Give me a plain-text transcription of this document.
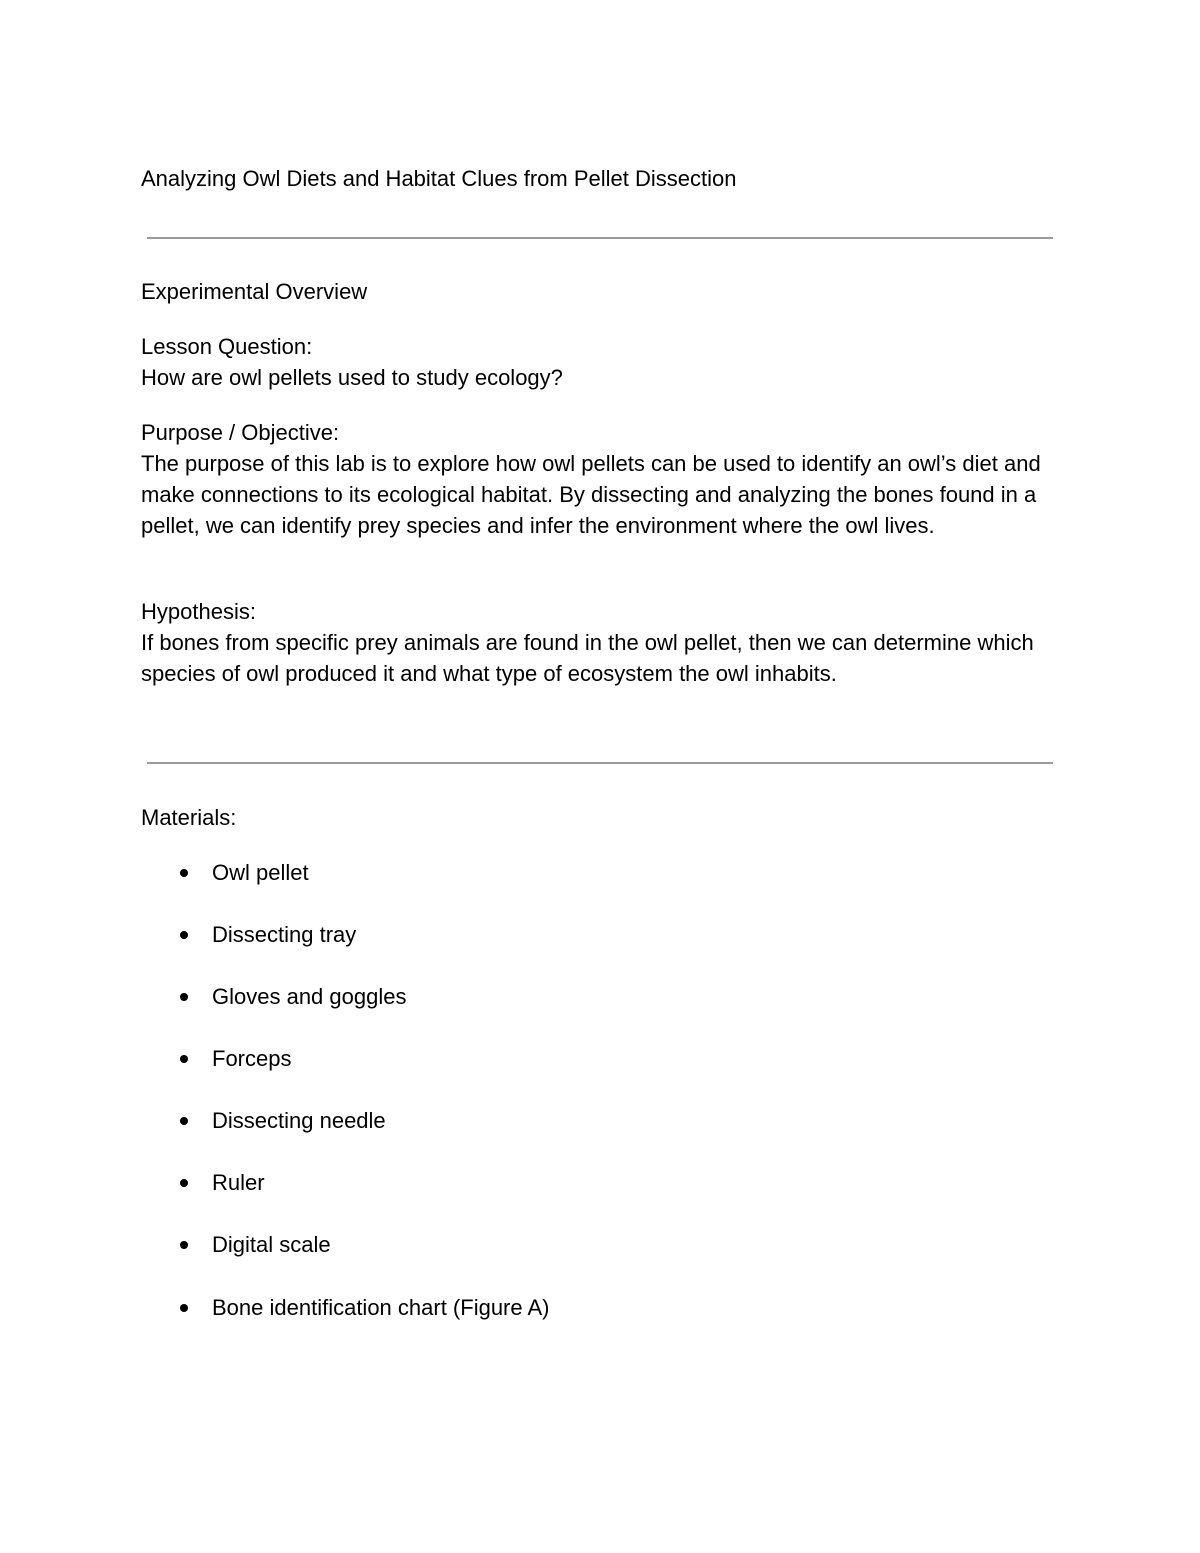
Analyzing Owl Diets and Habitat Clues from Pellet Dissection
Experimental Overview
Lesson Question:
How are owl pellets used to study ecology?
Purpose / Objective:
The purpose of this lab is to explore how owl pellets can be used to identify an owl’s diet and make connections to its ecological habitat. By dissecting and analyzing the bones found in a pellet, we can identify prey species and infer the environment where the owl lives.
Hypothesis:
If bones from specific prey animals are found in the owl pellet, then we can determine which species of owl produced it and what type of ecosystem the owl inhabits.
Materials:
Owl pellet
Dissecting tray
Gloves and goggles
Forceps
Dissecting needle
Ruler
Digital scale
Bone identification chart (Figure A)
